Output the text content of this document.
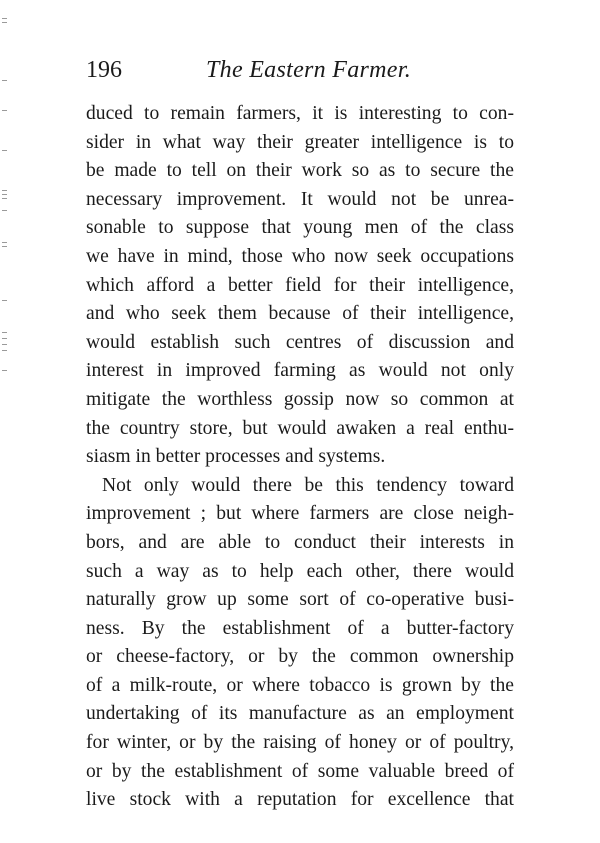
196	The Eastern Farmer.
duced to remain farmers, it is interesting to con-
sider in what way their greater intelligence is to
be made to tell on their work so as to secure the
necessary improvement. It would not be unrea-
sonable to suppose that young men of the class
we have in mind, those who now seek occupations
which afford a better field for their intelligence,
and who seek them because of their intelligence,
would establish such centres of discussion and
interest in improved farming as would not only
mitigate the worthless gossip now so common at
the country store, but would awaken a real enthu-
siasm in better processes and systems.
Not only would there be this tendency toward
improvement ; but where farmers are close neigh-
bors, and are able to conduct their interests in
such a way as to help each other, there would
naturally grow up some sort of co-operative busi-
ness. By the establishment of a butter-factory
or cheese-factory, or by the common ownership
of a milk-route, or where tobacco is grown by the
undertaking of its manufacture as an employment
for winter, or by the raising of honey or of poultry,
or by the establishment of some valuable breed of
live stock with a reputation for excellence that
